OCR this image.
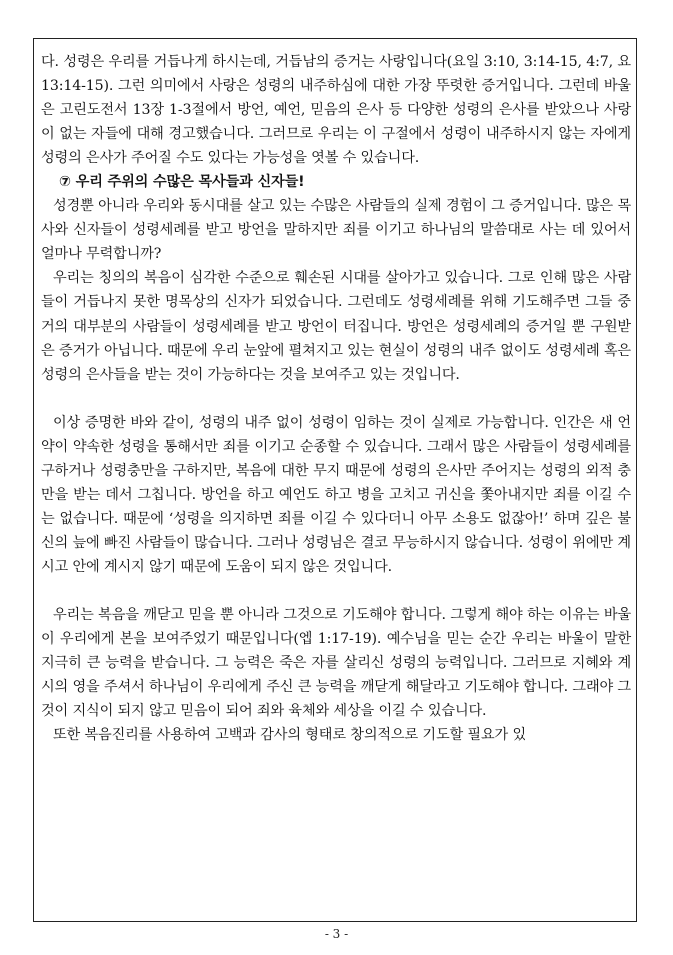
다. 성령은 우리를 거듭나게 하시는데, 거듭남의 증거는 사랑입니다(요일 3:10, 3:14-15, 4:7, 요 13:14-15). 그런 의미에서 사랑은 성령의 내주하심에 대한 가장 뚜렷한 증거입니다. 그런데 바울은 고린도전서 13장 1-3절에서 방언, 예언, 믿음의 은사 등 다양한 성령의 은사를 받았으나 사랑이 없는 자들에 대해 경고했습니다. 그러므로 우리는 이 구절에서 성령이 내주하시지 않는 자에게 성령의 은사가 주어질 수도 있다는 가능성을 엿볼 수 있습니다.

⑦ 우리 주위의 수많은 목사들과 신자들!

성경뿐 아니라 우리와 동시대를 살고 있는 수많은 사람들의 실제 경험이 그 증거입니다. 많은 목사와 신자들이 성령세례를 받고 방언을 말하지만 죄를 이기고 하나님의 말씀대로 사는 데 있어서 얼마나 무력합니까?

우리는 칭의의 복음이 심각한 수준으로 훼손된 시대를 살아가고 있습니다. 그로 인해 많은 사람들이 거듭나지 못한 명목상의 신자가 되었습니다. 그런데도 성령세례를 위해 기도해주면 그들 중 거의 대부분의 사람들이 성령세례를 받고 방언이 터집니다. 방언은 성령세례의 증거일 뿐 구원받은 증거가 아닙니다. 때문에 우리 눈앞에 펼쳐지고 있는 현실이 성령의 내주 없이도 성령세례 혹은 성령의 은사들을 받는 것이 가능하다는 것을 보여주고 있는 것입니다.

이상 증명한 바와 같이, 성령의 내주 없이 성령이 임하는 것이 실제로 가능합니다. 인간은 새 언약이 약속한 성령을 통해서만 죄를 이기고 순종할 수 있습니다. 그래서 많은 사람들이 성령세례를 구하거나 성령충만을 구하지만, 복음에 대한 무지 때문에 성령의 은사만 주어지는 성령의 외적 충만을 받는 데서 그칩니다. 방언을 하고 예언도 하고 병을 고치고 귀신을 쫓아내지만 죄를 이길 수는 없습니다. 때문에 ‘성령을 의지하면 죄를 이길 수 있다더니 아무 소용도 없잖아!’ 하며 깊은 불신의 늪에 빠진 사람들이 많습니다. 그러나 성령님은 결코 무능하시지 않습니다. 성령이 위에만 계시고 안에 계시지 않기 때문에 도움이 되지 않은 것입니다.

우리는 복음을 깨닫고 믿을 뿐 아니라 그것으로 기도해야 합니다. 그렇게 해야 하는 이유는 바울이 우리에게 본을 보여주었기 때문입니다(엡 1:17-19). 예수님을 믿는 순간 우리는 바울이 말한 지극히 큰 능력을 받습니다. 그 능력은 죽은 자를 살리신 성령의 능력입니다. 그러므로 지혜와 계시의 영을 주셔서 하나님이 우리에게 주신 큰 능력을 깨닫게 해달라고 기도해야 합니다. 그래야 그것이 지식이 되지 않고 믿음이 되어 죄와 육체와 세상을 이길 수 있습니다.

또한 복음진리를 사용하여 고백과 감사의 형태로 창의적으로 기도할 필요가 있

- 3 -
